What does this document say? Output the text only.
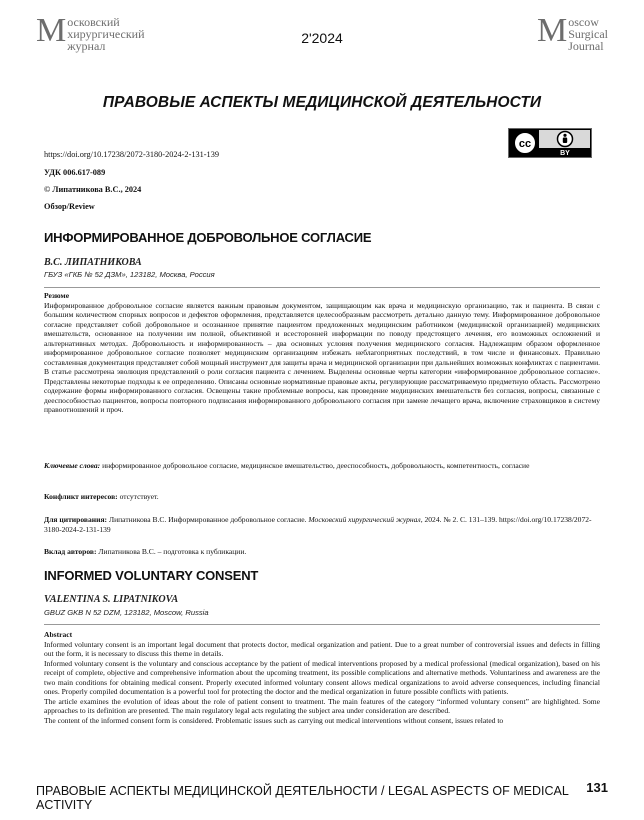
М осковский
хирургический
журнал	2'2024	M oscow
Surgical
Journal
ПРАВОВЫЕ АСПЕКТЫ МЕДИЦИНСКОЙ ДЕЯТЕЛЬНОСТИ
cc
BY
https://doi.org/10.17238/2072-3180-2024-2-131-139
УДК 006.617-089
© Липатникова В.С., 2024
Обзор/Review
ИНФОРМИРОВАННОЕ ДОБРОВОЛЬНОЕ СОГЛАСИЕ
В.С. ЛИПАТНИКОВА
ГБУЗ «ГКБ № 52 ДЗМ», 123182, Москва, Россия

Резюме

Информированное добровольное согласие является важным правовым документом, защищающим как врача и медицинскую организацию, так и пациента. В связи с большим количеством спорных вопросов и дефектов оформления, представляется целесообразным рассмотреть детально данную тему. Информированное добровольное согласие представляет собой добровольное и осознанное принятие пациентом предложенных медицинским работником (медицинской организацией) медицинских вмешательств, основанное на получении им полной, объективной и всесторонней информации по поводу предстоящего лечения, его возможных осложнений и альтернативных методах. Добровольность и информированность – два основных условия получения медицинского согласия. Надлежащим образом оформленное информированное добровольное согласие позволяет медицинским организациям избежать неблагоприятных последствий, в том числе и финансовых. Правильно составленная документация представляет собой мощный инструмент для защиты врача и медицинской организации при дальнейших возможных конфликтах с пациентами.

В статье рассмотрена эволюция представлений о роли согласия пациента с лечением. Выделены основные черты категории «информированное добровольное согласие». Представлены некоторые подходы к ее определению. Описаны основные нормативные правовые акты, регулирующие рассматриваемую предметную область. Рассмотрено содержание формы информированного согласия. Освещены такие проблемные вопросы, как проведение медицинских вмешательств без согласия, вопросы, связанные с дееспособностью пациентов, вопросы повторного подписания информированного добровольного согласия при замене лечащего врача, включение страховщиков в систему правоотношений и проч.

Ключевые слова: информированное добровольное согласие, медицинское вмешательство, дееспособность, добровольность, компетентность, согласие
Конфликт интересов: отсутствует.
Для цитирования: Липатникова В.С. Информированное добровольное согласие. Московский хирургический журнал, 2024. № 2. С. 131–139. https://doi.org/10.17238/2072-3180-2024-2-131-139
Вклад авторов: Липатникова В.С. – подготовка к публикации.
INFORMED VOLUNTARY CONSENT
VALENTINA S. LIPATNIKOVA
GBUZ GKB N 52 DZM, 123182, Moscow, Russia

Abstract

Informed voluntary consent is an important legal document that protects doctor, medical organization and patient. Due to a great number of controversial issues and defects in filling out the form, it is necessary to discuss this theme in details.

Informed voluntary consent is the voluntary and conscious acceptance by the patient of medical interventions proposed by a medical professional (medical organization), based on his receipt of complete, objective and comprehensive information about the upcoming treatment, its possible complications and alternative methods. Voluntariness and awareness are the two main conditions for obtaining medical consent. Properly executed informed voluntary consent allows medical organizations to avoid adverse consequences, including financial ones. Properly compiled documentation is a powerful tool for protecting the doctor and the medical organization in future possible conflicts with patients.

The article examines the evolution of ideas about the role of patient consent to treatment. The main features of the category “informed voluntary consent” are highlighted. Some approaches to its definition are presented. The main regulatory legal acts regulating the subject area under consideration are described.

The content of the informed consent form is considered. Problematic issues such as carrying out medical interventions without consent, issues related to

ПРАВОВЫЕ АСПЕКТЫ МЕДИЦИНСКОЙ ДЕЯТЕЛЬНОСТИ / LEGAL ASPECTS OF MEDICAL ACTIVITY
131
